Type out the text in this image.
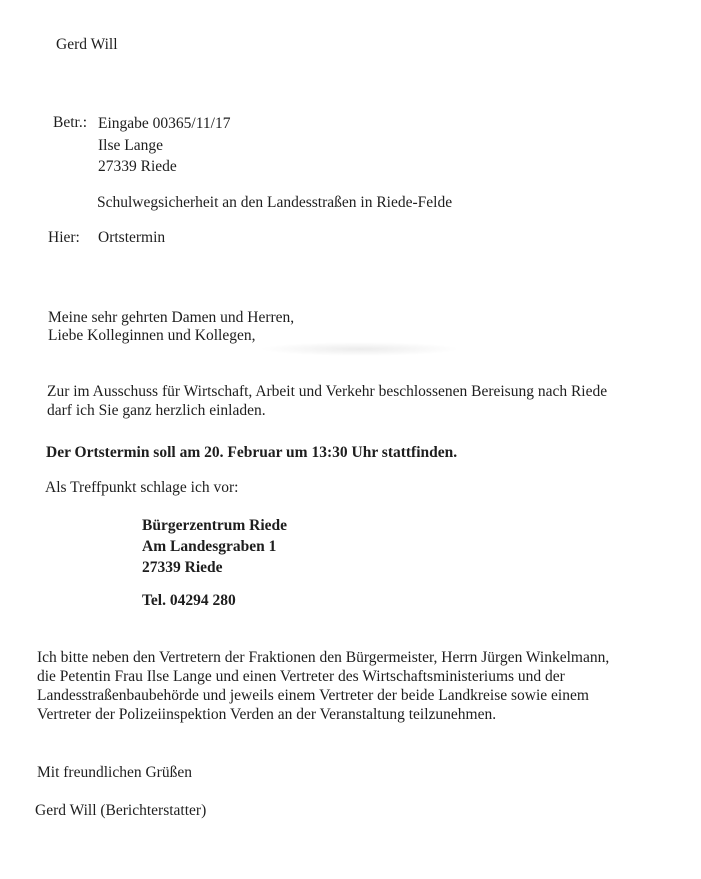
Gerd Will
Betr.: Eingabe 00365/11/17
Ilse Lange
27339 Riede
Schulwegsicherheit an den Landesstraßen in Riede-Felde
Hier: Ortstermin
Meine sehr gehrten Damen und Herren,
Liebe Kolleginnen und Kollegen,
Zur im Ausschuss für Wirtschaft, Arbeit und Verkehr beschlossenen Bereisung nach Riede
darf ich Sie ganz herzlich einladen.
Der Ortstermin soll am 20. Februar um 13:30 Uhr stattfinden.
Als Treffpunkt schlage ich vor:
Bürgerzentrum Riede
Am Landesgraben 1
27339 Riede
Tel. 04294 280
Ich bitte neben den Vertretern der Fraktionen den Bürgermeister, Herrn Jürgen Winkelmann,
die Petentin Frau Ilse Lange und einen Vertreter des Wirtschaftsministeriums und der
Landesstraßenbaubehörde und jeweils einem Vertreter der beide Landkreise sowie einem
Vertreter der Polizeiinspektion Verden an der Veranstaltung teilzunehmen.
Mit freundlichen Grüßen
Gerd Will (Berichterstatter)
